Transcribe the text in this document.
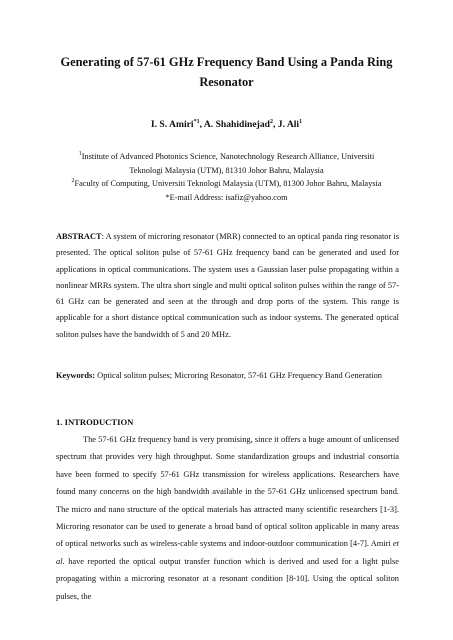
Generating of 57-61 GHz Frequency Band Using a Panda Ring Resonator
I. S. Amiri$^{*1}$, A. Shahidinejad$^2$, J. Ali$^1$
$^1$Institute of Advanced Photonics Science, Nanotechnology Research Alliance, Universiti
Teknologi Malaysia (UTM), 81310 Johor Bahru, Malaysia
$^2$Faculty of Computing, Universiti Teknologi Malaysia (UTM), 81300 Johor Bahru, Malaysia
*E-mail Address: isafiz@yahoo.com
ABSTRACT: A system of microring resonator (MRR) connected to an optical panda ring resonator is presented. The optical soliton pulse of 57-61 GHz frequency band can be generated and used for applications in optical communications. The system uses a Gaussian laser pulse propagating within a nonlinear MRRs system. The ultra short single and multi optical soliton pulses within the range of 57-61 GHz can be generated and seen at the through and drop ports of the system. This range is applicable for a short distance optical communication such as indoor systems. The generated optical soliton pulses have the bandwidth of 5 and 20 MHz.
Keywords: Optical soliton pulses; Microring Resonator, 57-61 GHz Frequency Band Generation
1. INTRODUCTION
The 57-61 GHz frequency band is very promising, since it offers a huge amount of unlicensed spectrum that provides very high throughput. Some standardization groups and industrial consortia have been formed to specify 57-61 GHz transmission for wireless applications. Researchers have found many concerns on the high bandwidth available in the 57-61 GHz unlicensed spectrum band. The micro and nano structure of the optical materials has attracted many scientific researchers [1-3]. Microring resonator can be used to generate a broad band of optical soliton applicable in many areas of optical networks such as wireless-cable systems and indoor-outdoor communication [4-7]. Amiri et al. have reported the optical output transfer function which is derived and used for a light pulse propagating within a microring resonator at a resonant condition [8-10]. Using the optical soliton pulses, the
